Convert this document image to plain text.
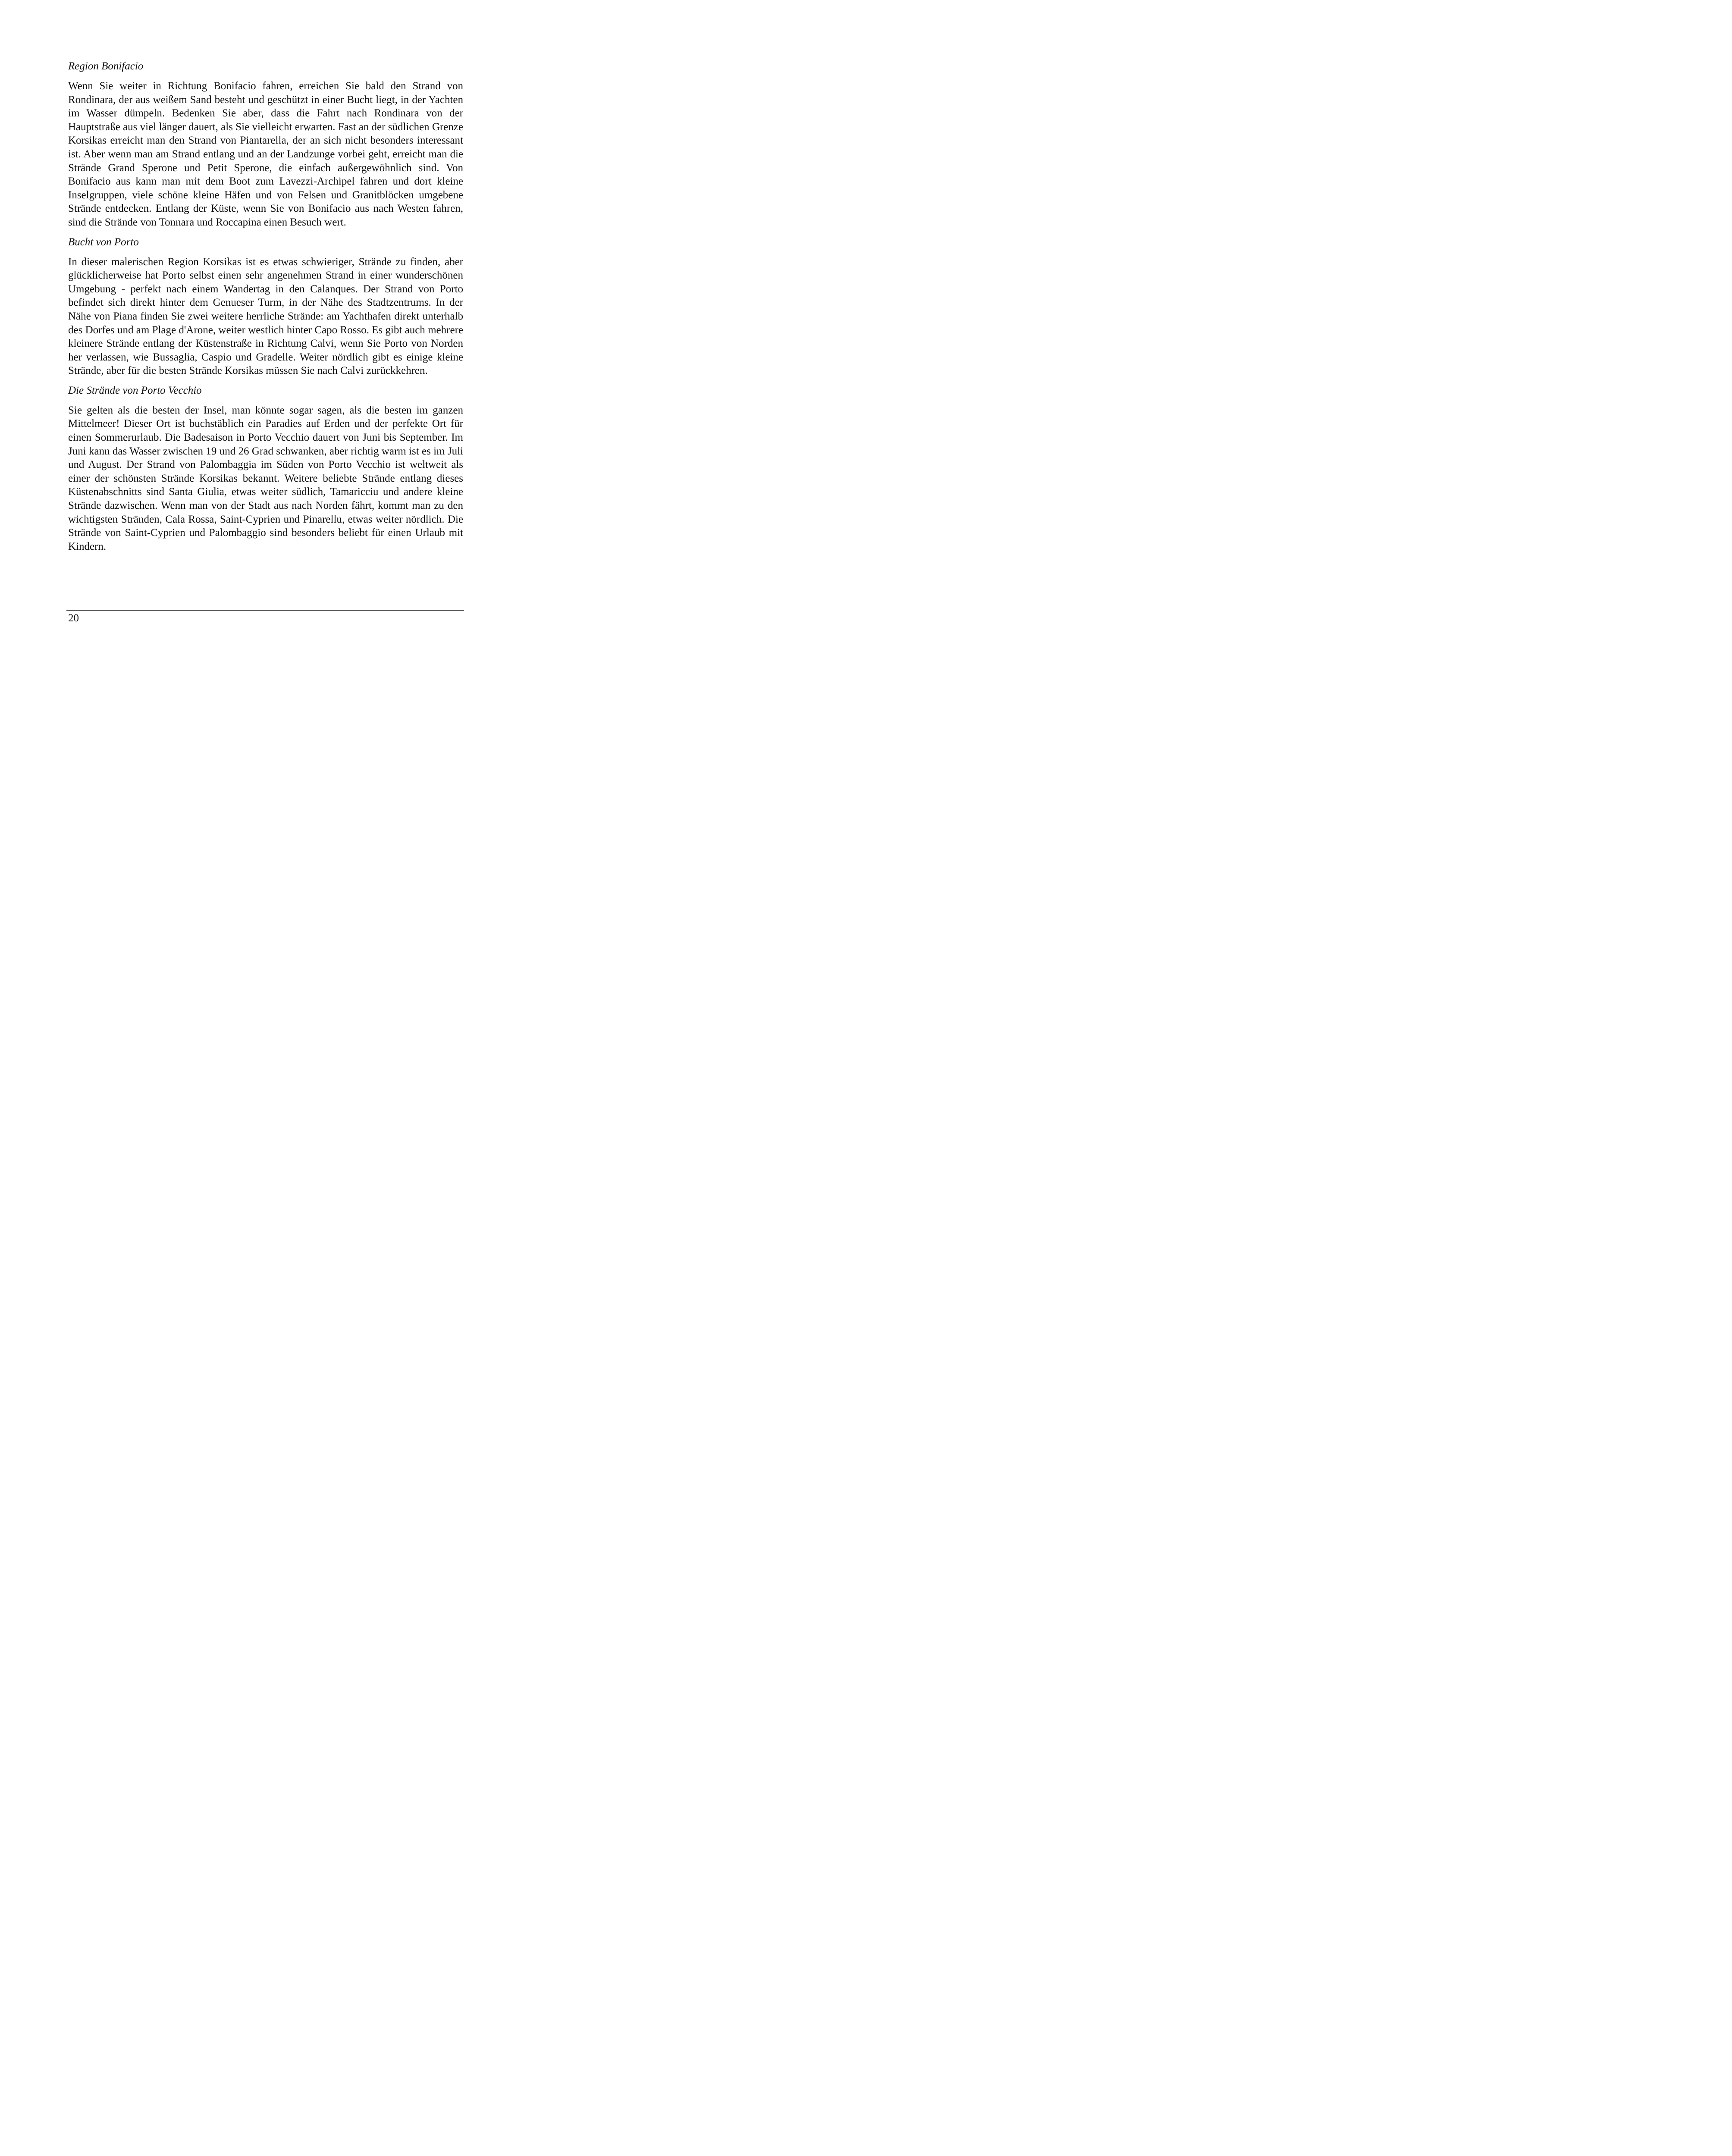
Region Bonifacio

Wenn Sie weiter in Richtung Bonifacio fahren, erreichen Sie bald den Strand von Rondinara, der aus weißem Sand besteht und geschützt in einer Bucht liegt, in der Yachten im Wasser dümpeln. Bedenken Sie aber, dass die Fahrt nach Rondinara von der Hauptstraße aus viel länger dauert, als Sie vielleicht erwarten. Fast an der südlichen Grenze Korsikas erreicht man den Strand von Piantarella, der an sich nicht besonders interessant ist. Aber wenn man am Strand entlang und an der Landzunge vorbei geht, erreicht man die Strände Grand Sperone und Petit Sperone, die einfach außergewöhnlich sind. Von Bonifacio aus kann man mit dem Boot zum Lavezzi-Archipel fahren und dort kleine Inselgruppen, viele schöne kleine Häfen und von Felsen und Granitblöcken umgebene Strände entdecken. Entlang der Küste, wenn Sie von Bonifacio aus nach Westen fahren, sind die Strände von Tonnara und Roccapina einen Besuch wert.

Bucht von Porto

In dieser malerischen Region Korsikas ist es etwas schwieriger, Strände zu finden, aber glücklicherweise hat Porto selbst einen sehr angenehmen Strand in einer wunderschönen Umgebung - perfekt nach einem Wandertag in den Calanques. Der Strand von Porto befindet sich direkt hinter dem Genueser Turm, in der Nähe des Stadtzentrums. In der Nähe von Piana finden Sie zwei weitere herrliche Strände: am Yachthafen direkt unterhalb des Dorfes und am Plage d'Arone, weiter westlich hinter Capo Rosso. Es gibt auch mehrere kleinere Strände entlang der Küstenstraße in Richtung Calvi, wenn Sie Porto von Norden her verlassen, wie Bussaglia, Caspio und Gradelle. Weiter nördlich gibt es einige kleine Strände, aber für die besten Strände Korsikas müssen Sie nach Calvi zurückkehren.

Die Strände von Porto Vecchio

Sie gelten als die besten der Insel, man könnte sogar sagen, als die besten im ganzen Mittelmeer! Dieser Ort ist buchstäblich ein Paradies auf Erden und der perfekte Ort für einen Sommerurlaub. Die Badesaison in Porto Vecchio dauert von Juni bis September. Im Juni kann das Wasser zwischen 19 und 26 Grad schwanken, aber richtig warm ist es im Juli und August. Der Strand von Palombaggia im Süden von Porto Vecchio ist weltweit als einer der schönsten Strände Korsikas bekannt. Weitere beliebte Strände entlang dieses Küstenabschnitts sind Santa Giulia, etwas weiter südlich, Tamaricciu und andere kleine Strände dazwischen. Wenn man von der Stadt aus nach Norden fährt, kommt man zu den wichtigsten Stränden, Cala Rossa, Saint-Cyprien und Pinarellu, etwas weiter nördlich. Die Strände von Saint-Cyprien und Palombaggio sind besonders beliebt für einen Urlaub mit Kindern.

20
